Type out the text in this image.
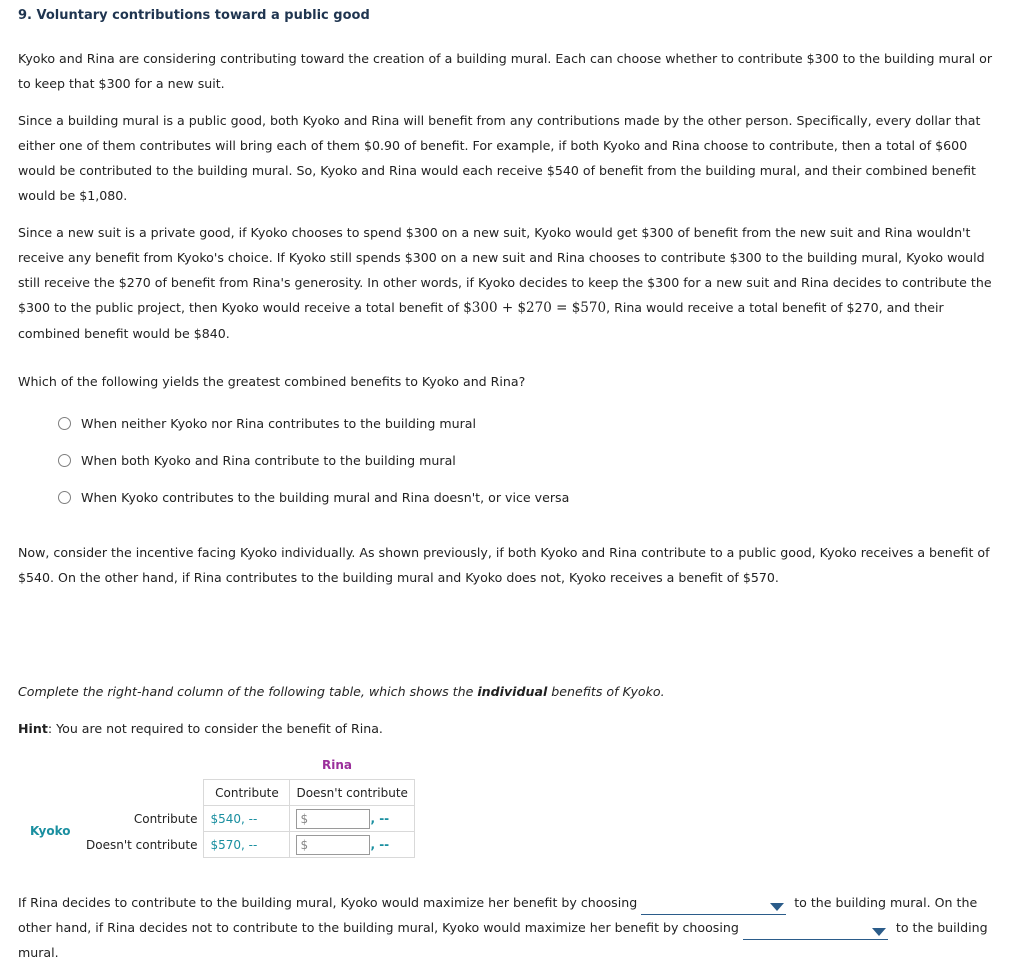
9. Voluntary contributions toward a public good
Kyoko and Rina are considering contributing toward the creation of a building mural. Each can choose whether to contribute $300 to the building mural or to keep that $300 for a new suit.
Since a building mural is a public good, both Kyoko and Rina will benefit from any contributions made by the other person. Specifically, every dollar that either one of them contributes will bring each of them $0.90 of benefit. For example, if both Kyoko and Rina choose to contribute, then a total of $600 would be contributed to the building mural. So, Kyoko and Rina would each receive $540 of benefit from the building mural, and their combined benefit would be $1,080.
Since a new suit is a private good, if Kyoko chooses to spend $300 on a new suit, Kyoko would get $300 of benefit from the new suit and Rina wouldn't receive any benefit from Kyoko's choice. If Kyoko still spends $300 on a new suit and Rina chooses to contribute $300 to the building mural, Kyoko would still receive the $270 of benefit from Rina's generosity. In other words, if Kyoko decides to keep the $300 for a new suit and Rina decides to contribute the $300 to the public project, then Kyoko would receive a total benefit of $300 + $270 = $570, Rina would receive a total benefit of $270, and their combined benefit would be $840.
Which of the following yields the greatest combined benefits to Kyoko and Rina?
When neither Kyoko nor Rina contributes to the building mural
When both Kyoko and Rina contribute to the building mural
When Kyoko contributes to the building mural and Rina doesn't, or vice versa
Now, consider the incentive facing Kyoko individually. As shown previously, if both Kyoko and Rina contribute to a public good, Kyoko receives a benefit of $540. On the other hand, if Rina contributes to the building mural and Kyoko does not, Kyoko receives a benefit of $570.
Complete the right-hand column of the following table, which shows the individual benefits of Kyoko.
Hint: You are not required to consider the benefit of Rina.
Rina
Kyoko
	Contribute	Doesn't contribute
Contribute	$540, --	$ , --
Doesn't contribute	$570, --	$ , --
If Rina decides to contribute to the building mural, Kyoko would maximize her benefit by choosing	to the building mural. On the other hand, if Rina decides not to contribute to the building mural, Kyoko would maximize her benefit by choosing	to the building mural.
